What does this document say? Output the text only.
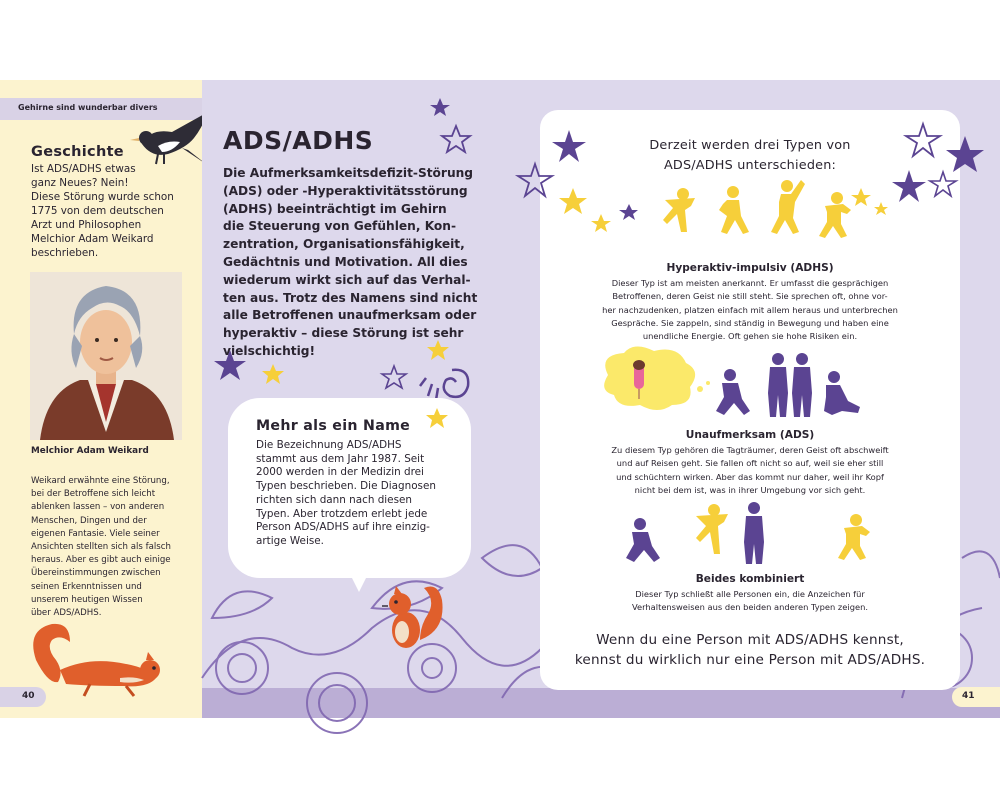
Gehirne sind wunderbar divers
Geschichte
Ist ADS/ADHS etwas
ganz Neues? Nein!
Diese Störung wurde schon
1775 von dem deutschen
Arzt und Philosophen
Melchior Adam Weikard
beschrieben.
Melchior Adam Weikard
Weikard erwähnte eine Störung,
bei der Betroffene sich leicht
ablenken lassen – von anderen
Menschen, Dingen und der
eigenen Fantasie. Viele seiner
Ansichten stellten sich als falsch
heraus. Aber es gibt auch einige
Übereinstimmungen zwischen
seinen Erkenntnissen und
unserem heutigen Wissen
über ADS/ADHS.
40
ADS/ADHS
Die Aufmerksamkeitsdefizit-Störung
(ADS) oder -Hyperaktivitätsstörung
(ADHS) beeinträchtigt im Gehirn
die Steuerung von Gefühlen, Kon-
zentration, Organisationsfähigkeit,
Gedächtnis und Motivation. All dies
wiederum wirkt sich auf das Verhal-
ten aus. Trotz des Namens sind nicht
alle Betroffenen unaufmerksam oder
hyperaktiv – diese Störung ist sehr
vielschichtig!
Mehr als ein Name
Die Bezeichnung ADS/ADHS
stammt aus dem Jahr 1987. Seit
2000 werden in der Medizin drei
Typen beschrieben. Die Diagnosen
richten sich dann nach diesen
Typen. Aber trotzdem erlebt jede
Person ADS/ADHS auf ihre einzig-
artige Weise.
Derzeit werden drei Typen von
ADS/ADHS unterschieden:
Hyperaktiv-impulsiv (ADHS)
Dieser Typ ist am meisten anerkannt. Er umfasst die gesprächigen
Betroffenen, deren Geist nie still steht. Sie sprechen oft, ohne vor-
her nachzudenken, platzen einfach mit allem heraus und unterbrechen
Gespräche. Sie zappeln, sind ständig in Bewegung und haben eine
unendliche Energie. Oft gehen sie hohe Risiken ein.
Unaufmerksam (ADS)
Zu diesem Typ gehören die Tagträumer, deren Geist oft abschweift
und auf Reisen geht. Sie fallen oft nicht so auf, weil sie eher still
und schüchtern wirken. Aber das kommt nur daher, weil ihr Kopf
nicht bei dem ist, was in ihrer Umgebung vor sich geht.
Beides kombiniert
Dieser Typ schließt alle Personen ein, die Anzeichen für
Verhaltensweisen aus den beiden anderen Typen zeigen.
Wenn du eine Person mit ADS/ADHS kennst,
kennst du wirklich nur eine Person mit ADS/ADHS.
41
